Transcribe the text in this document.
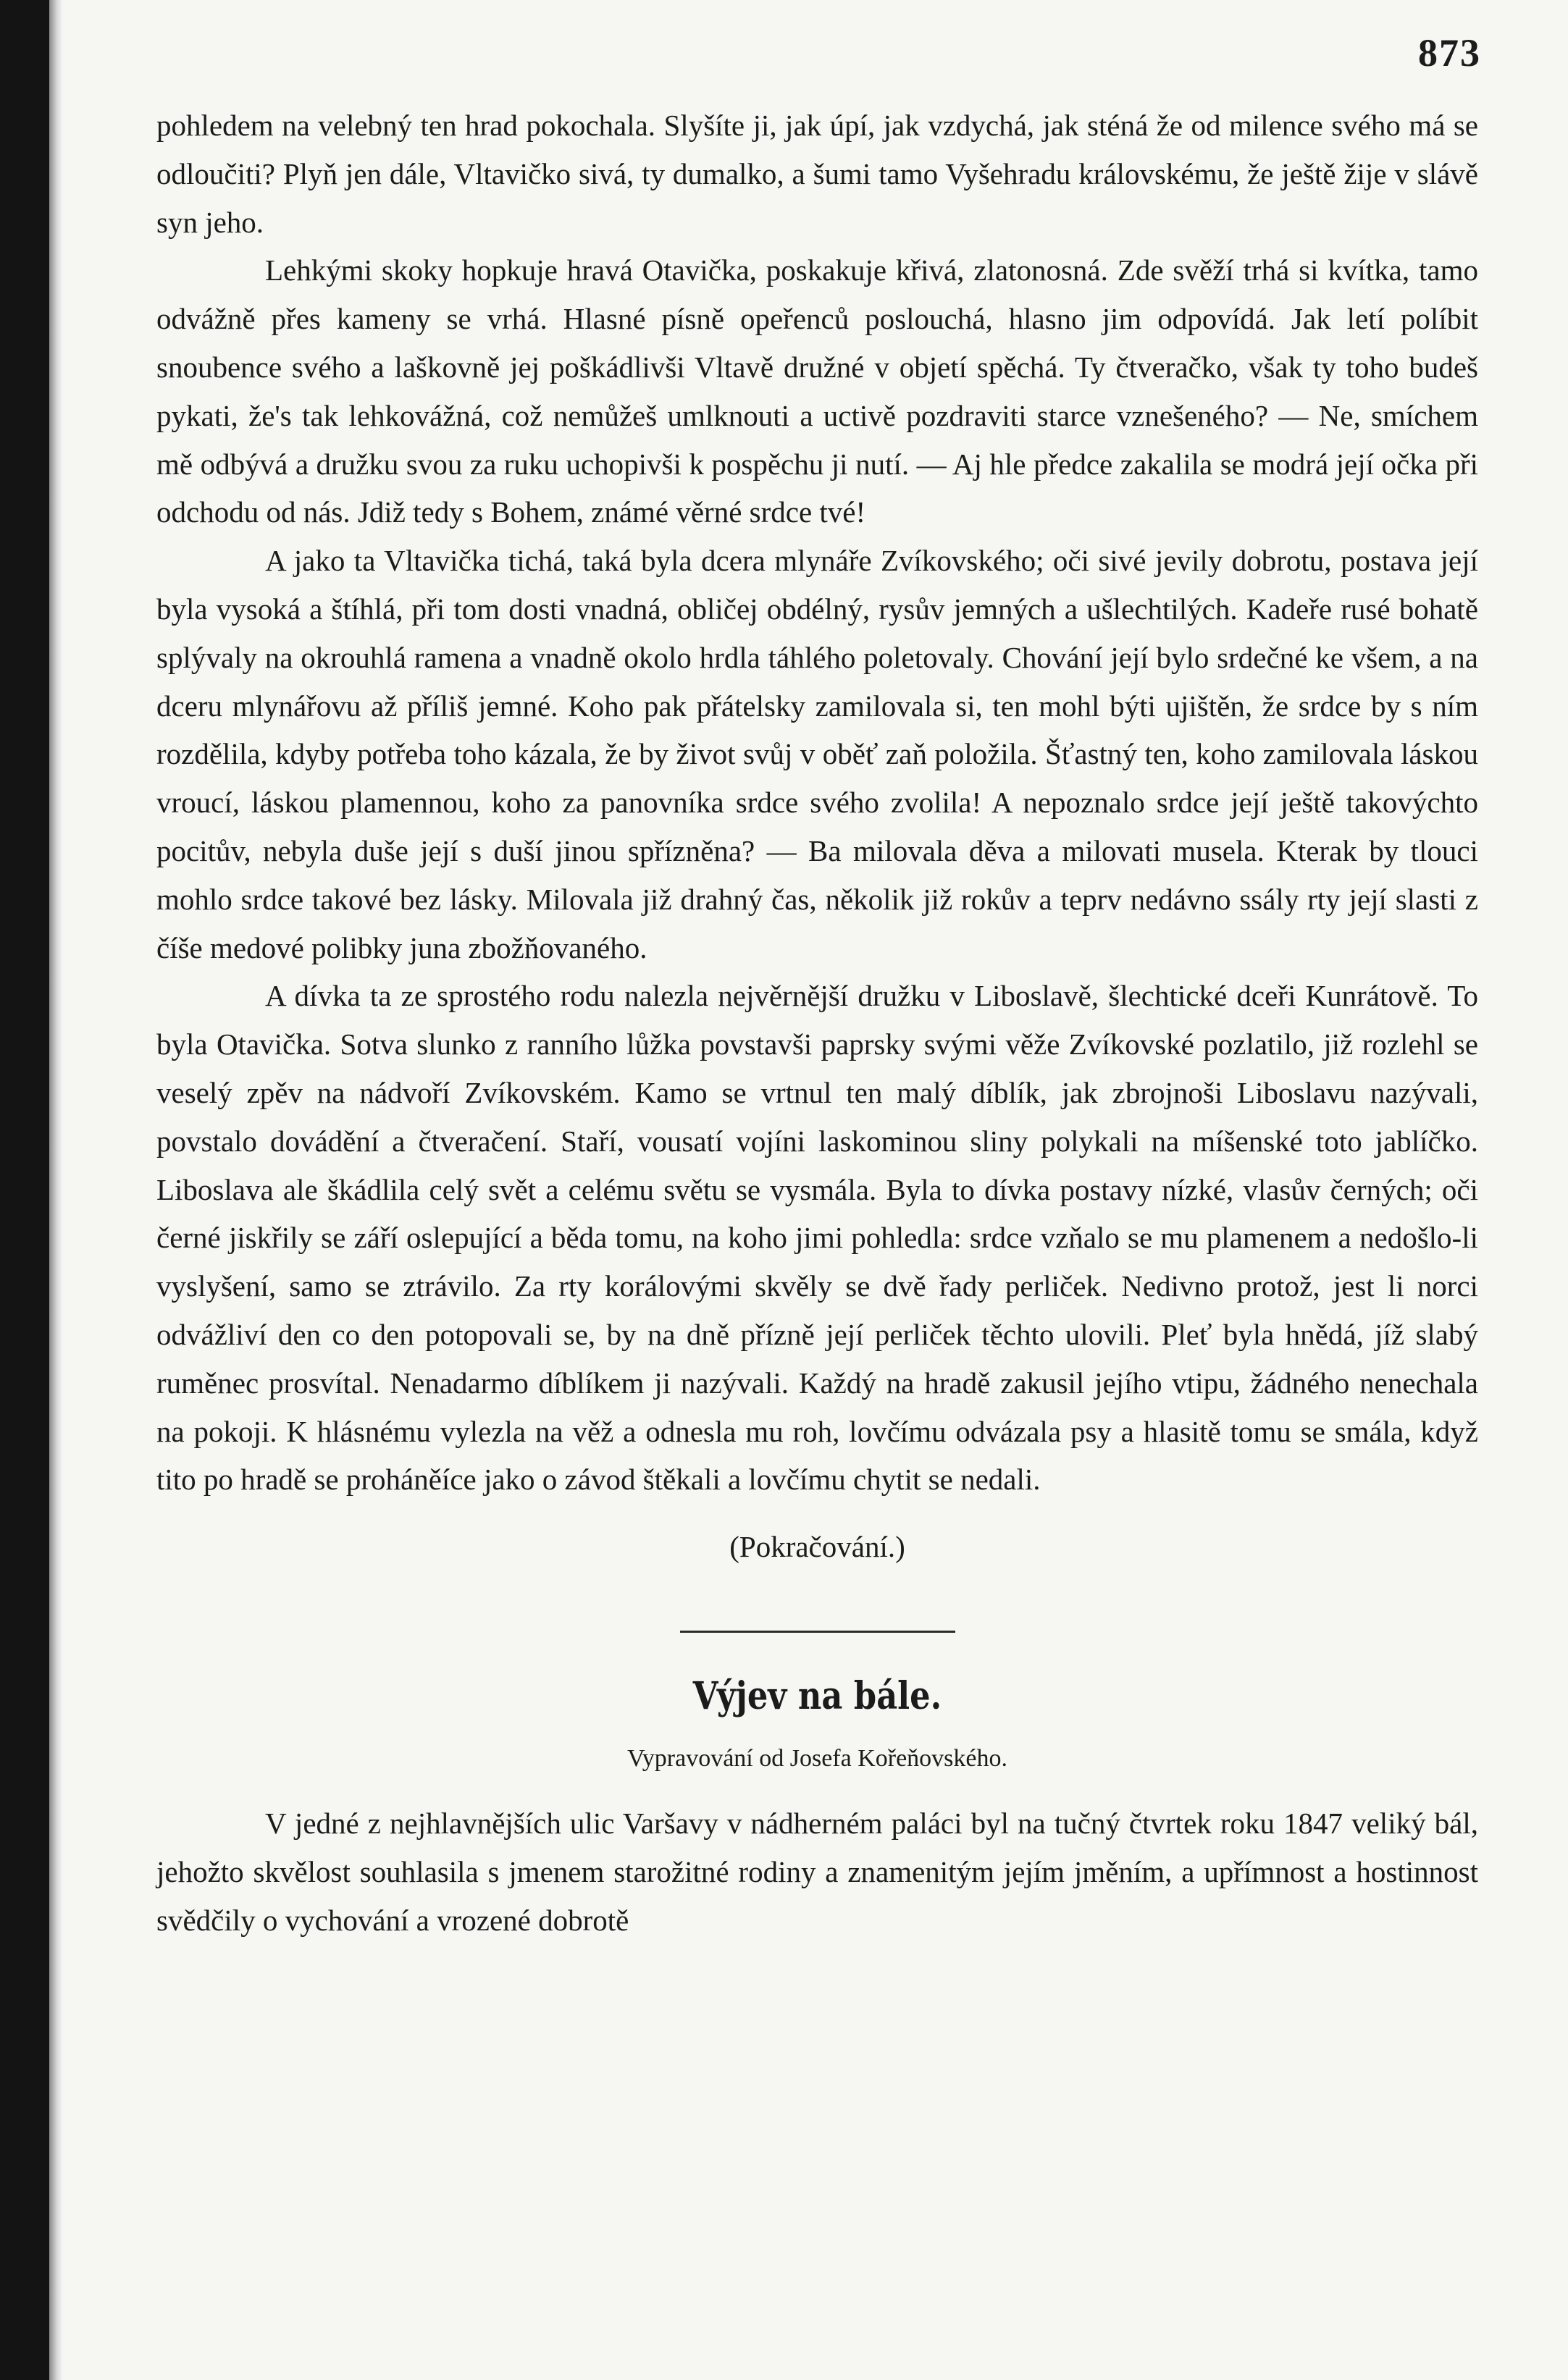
873

pohledem na velebný ten hrad pokochala. Slyšíte ji, jak úpí, jak vzdychá, jak sténá že od milence svého má se odloučiti? Plyň jen dále, Vltavičko sivá, ty dumalko, a šumi tamo Vyšehradu královskému, že ještě žije v slávě syn jeho.

Lehkými skoky hopkuje hravá Otavička, poskakuje křivá, zlatonosná. Zde svěží trhá si kvítka, tamo odvážně přes kameny se vrhá. Hlasné písně opeřenců poslouchá, hlasno jim odpovídá. Jak letí políbit snoubence svého a laškovně jej poškádlivši Vltavě družné v objetí spěchá. Ty čtveračko, však ty toho budeš pykati, že's tak lehkovážná, což nemůžeš umlknouti a uctivě pozdraviti starce vznešeného? — Ne, smíchem mě odbývá a družku svou za ruku uchopivši k pospěchu ji nutí. — Aj hle předce zakalila se modrá její očka při odchodu od nás. Jdiž tedy s Bohem, známé věrné srdce tvé!

A jako ta Vltavička tichá, taká byla dcera mlynáře Zvíkovského; oči sivé jevily dobrotu, postava její byla vysoká a štíhlá, při tom dosti vnadná, obličej obdélný, rysův jemných a ušlechtilých. Kadeře rusé bohatě splývaly na okrouhlá ramena a vnadně okolo hrdla táhlého poletovaly. Chování její bylo srdečné ke všem, a na dceru mlynářovu až příliš jemné. Koho pak přátelsky zamilovala si, ten mohl býti ujištěn, že srdce by s ním rozdělila, kdyby potřeba toho kázala, že by život svůj v oběť zaň položila. Šťastný ten, koho zamilovala láskou vroucí, láskou plamennou, koho za panovníka srdce svého zvolila! A nepoznalo srdce její ještě takovýchto pocitův, nebyla duše její s duší jinou spřízněna? — Ba milovala děva a milovati musela. Kterak by tlouci mohlo srdce takové bez lásky. Milovala již drahný čas, několik již rokův a teprv nedávno ssály rty její slasti z číše medové polibky juna zbožňovaného.

A dívka ta ze sprostého rodu nalezla nejvěrnější družku v Liboslavě, šlechtické dceři Kunrátově. To byla Otavička. Sotva slunko z ranního lůžka povstavši paprsky svými věže Zvíkovské pozlatilo, již rozlehl se veselý zpěv na nádvoří Zvíkovském. Kamo se vrtnul ten malý díblík, jak zbrojnoši Liboslavu nazývali, povstalo dovádění a čtveračení. Staří, vousatí vojíni laskominou sliny polykali na míšenské toto jablíčko. Liboslava ale škádlila celý svět a celému světu se vysmála. Byla to dívka postavy nízké, vlasův černých; oči černé jiskřily se září oslepující a běda tomu, na koho jimi pohledla: srdce vzňalo se mu plamenem a nedošlo-li vyslyšení, samo se ztrávilo. Za rty korálovými skvěly se dvě řady perliček. Nedivno protož, jest li norci odvážliví den co den potopovali se, by na dně přízně její perliček těchto ulovili. Pleť byla hnědá, jíž slabý ruměnec prosvítal. Nenadarmo díblíkem ji nazývali. Každý na hradě zakusil jejího vtipu, žádného nenechala na pokoji. K hlásnému vylezla na věž a odnesla mu roh, lovčímu odvázala psy a hlasitě tomu se smála, když tito po hradě se proháněíce jako o závod štěkali a lovčímu chytit se nedali.

(Pokračování.)
Výjev na bále.
Vypravování od Josefa Kořeňovského.

V jedné z nejhlavnějších ulic Varšavy v nádherném paláci byl na tučný čtvrtek roku 1847 veliký bál, jehožto skvělost souhlasila s jmenem starožitné rodiny a znamenitým jejím jměním, a upřímnost a hostinnost svědčily o vychování a vrozené dobrotě
